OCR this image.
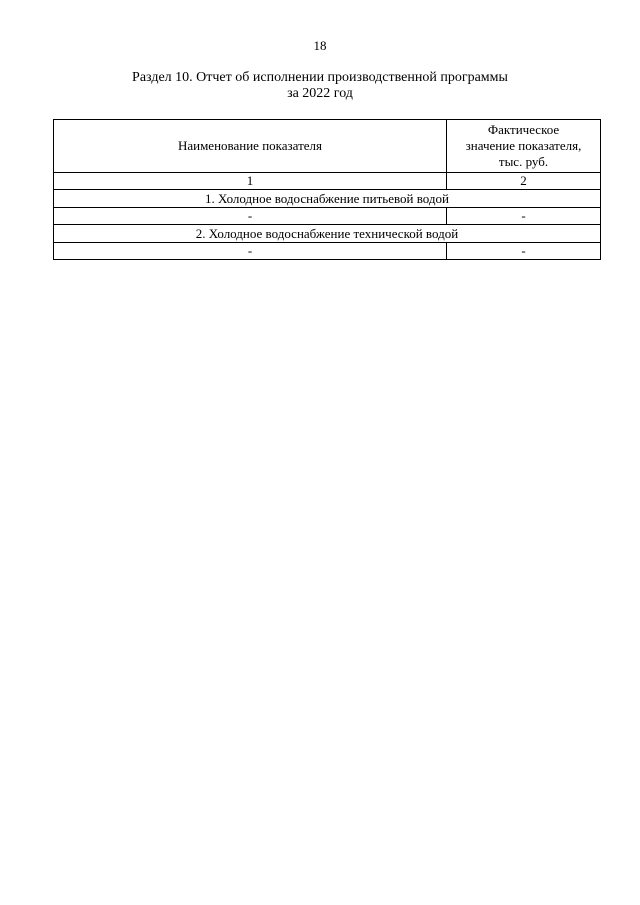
18
Раздел 10. Отчет об исполнении производственной программы
за 2022 год
Наименование показателя	Фактическое
значение показателя,
тыс. руб.

1	2
1. Холодное водоснабжение питьевой водой	
-	-
2. Холодное водоснабжение технической водой	
-	-
